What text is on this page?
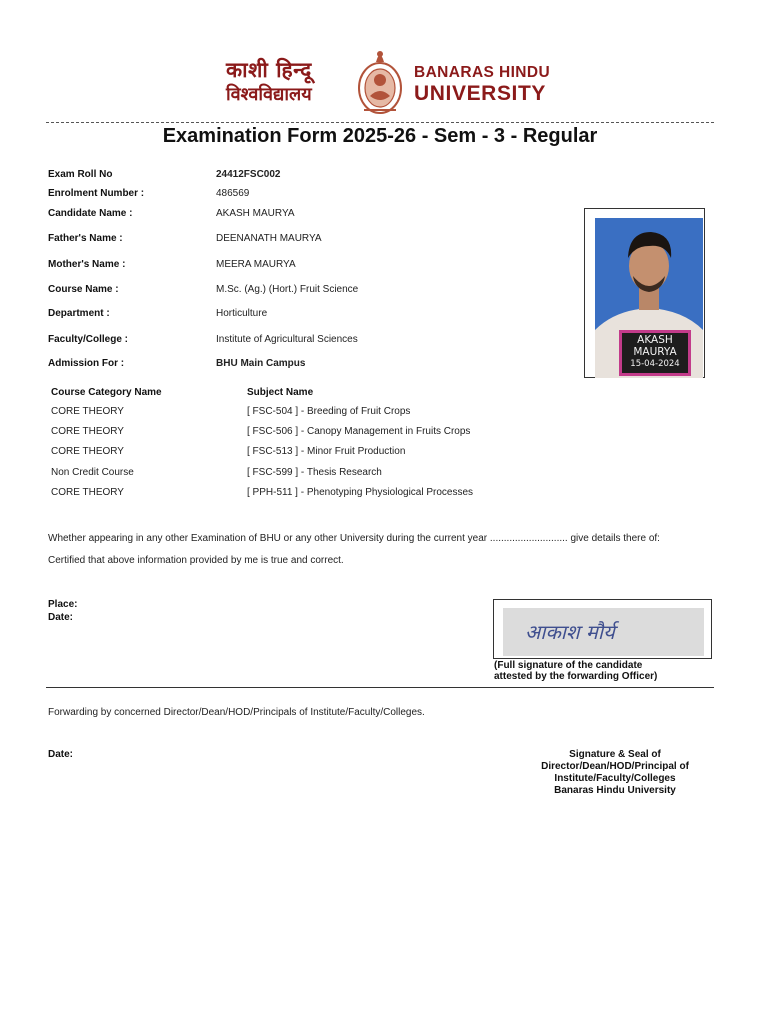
काशी हिन्दू
विश्वविद्यालय
BANARAS HINDU
UNIVERSITY
Examination Form 2025-26 - Sem - 3 - Regular
Exam Roll No	24412FSC002
Enrolment Number :	486569
Candidate Name :	AKASH MAURYA
Father's Name :	DEENANATH MAURYA
Mother's Name :	MEERA MAURYA
Course Name :	M.Sc. (Ag.) (Hort.) Fruit Science
Department :	Horticulture
Faculty/College :	Institute of Agricultural Sciences
Admission For :	BHU Main Campus
AKASH
MAURYA
15-04-2024
Course Category Name	Subject Name
CORE THEORY	[ FSC-504 ] - Breeding of Fruit Crops
CORE THEORY	[ FSC-506 ] - Canopy Management in Fruits Crops
CORE THEORY	[ FSC-513 ] - Minor Fruit Production
Non Credit Course	[ FSC-599 ] - Thesis Research
CORE THEORY	[ PPH-511 ] - Phenotyping Physiological Processes
Whether appearing in any other Examination of BHU or any other University during the current year ............................ give details there of:
Certified that above information provided by me is true and correct.
Place:
Date:
आकाश मौर्य
(Full signature of the candidate
attested by the forwarding Officer)
Forwarding by concerned Director/Dean/HOD/Principals of Institute/Faculty/Colleges.
Date:	Signature & Seal of
Director/Dean/HOD/Principal of
Institute/Faculty/Colleges
Banaras Hindu University
